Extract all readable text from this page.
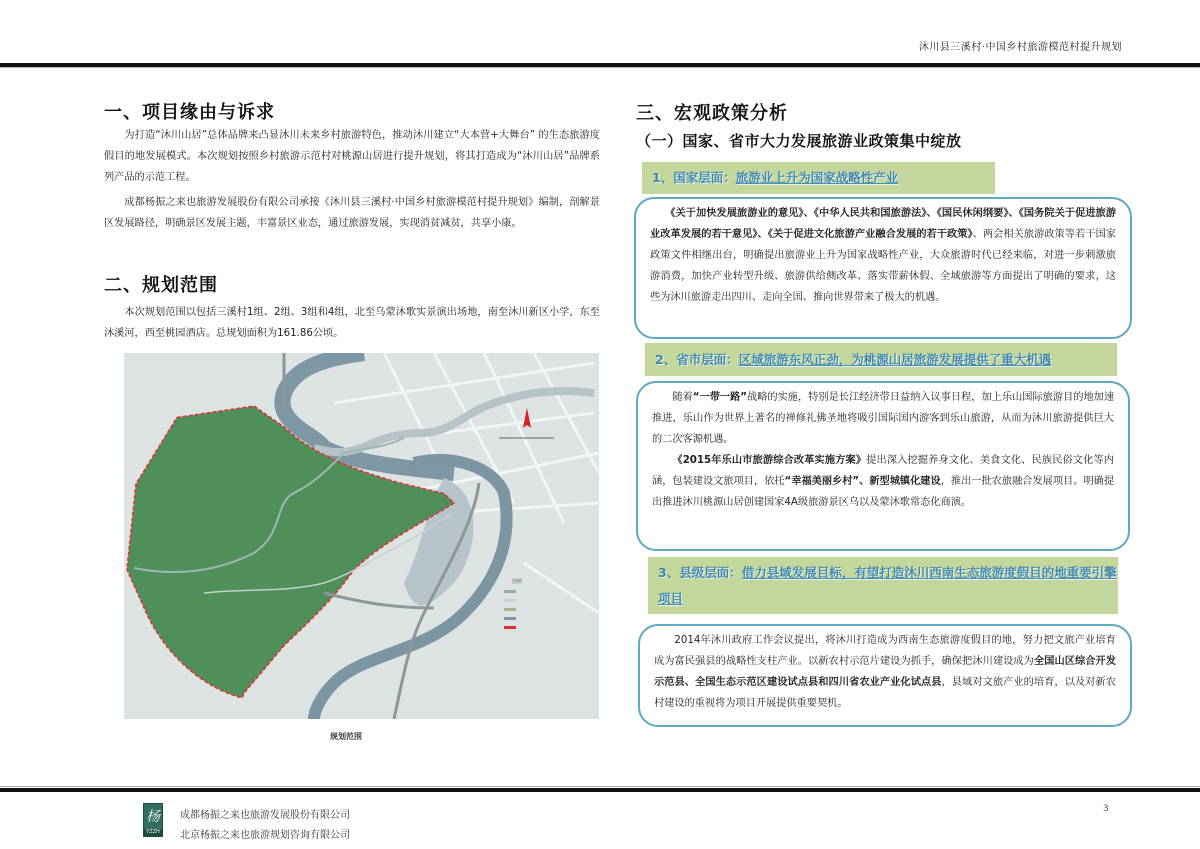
沐川县三溪村·中国乡村旅游模范村提升规划
一、项目缘由与诉求
为打造“沐川山居”总体品牌来凸显沐川未来乡村旅游特色，推动沐川建立“大本营+大舞台” 的生态旅游度假目的地发展模式。本次规划按照乡村旅游示范村对桃源山居进行提升规划，将其打造成为“沐川山居”品牌系列产品的示范工程。
成都杨振之来也旅游发展股份有限公司承接《沐川县三溪村·中国乡村旅游模范村提升规划》编制，剖解景区发展路径，明确景区发展主题，丰富景区业态，通过旅游发展，实现消贫减贫，共享小康。
二、规划范围
本次规划范围以包括三溪村1组、2组、3组和4组，北至乌蒙沐歌实景演出场地，南至沐川新区小学，东至沐溪河，西至桃园酒店。总规划面积为161.86公顷。
图例
规划范围
三、宏观政策分析
（一）国家、省市大力发展旅游业政策集中绽放
1、国家层面：旅游业上升为国家战略性产业
《关于加快发展旅游业的意见》、《中华人民共和国旅游法》、《国民休闲纲要》、《国务院关于促进旅游业改革发展的若干意见》、《关于促进文化旅游产业融合发展的若干政策》、两会相关旅游政策等若干国家政策文件相继出台，明确提出旅游业上升为国家战略性产业，大众旅游时代已经来临，对进一步刺激旅游消费，加快产业转型升级、旅游供给侧改革、落实带薪休假、全域旅游等方面提出了明确的要求，这些为沐川旅游走出四川、走向全国、推向世界带来了极大的机遇。
2、省市层面：区域旅游东风正劲，为桃源山居旅游发展提供了重大机遇
随着“一带一路”战略的实施，特别是长江经济带日益纳入议事日程，加上乐山国际旅游目的地加速推进，乐山作为世界上著名的禅修礼佛圣地将吸引国际国内游客到乐山旅游，从而为沐川旅游提供巨大的二次客源机遇。
《2015年乐山市旅游综合改革实施方案》提出深入挖掘养身文化、美食文化、民族民俗文化等内涵，包装建设文旅项目，依托“幸福美丽乡村”、新型城镇化建设，推出一批农旅融合发展项目。明确提出推进沐川桃源山居创建国家4A级旅游景区乌以及蒙沐歌常态化商演。
3、县级层面：借力县域发展目标，有望打造沐川西南生态旅游度假目的地重要引擎项目
2014年沐川政府工作会议提出，将沐川打造成为西南生态旅游度假目的地，努力把文旅产业培育成为富民强县的战略性支柱产业。以新农村示范片建设为抓手，确保把沐川建设成为全国山区综合开发示范县、全国生态示范区建设试点县和四川省农业产业化试点县，县域对文旅产业的培育，以及对新农村建设的重视将为项目开展提供重要契机。
杨
YZZH
成都杨振之来也旅游发展股份有限公司
北京杨振之来也旅游规划咨询有限公司
3
